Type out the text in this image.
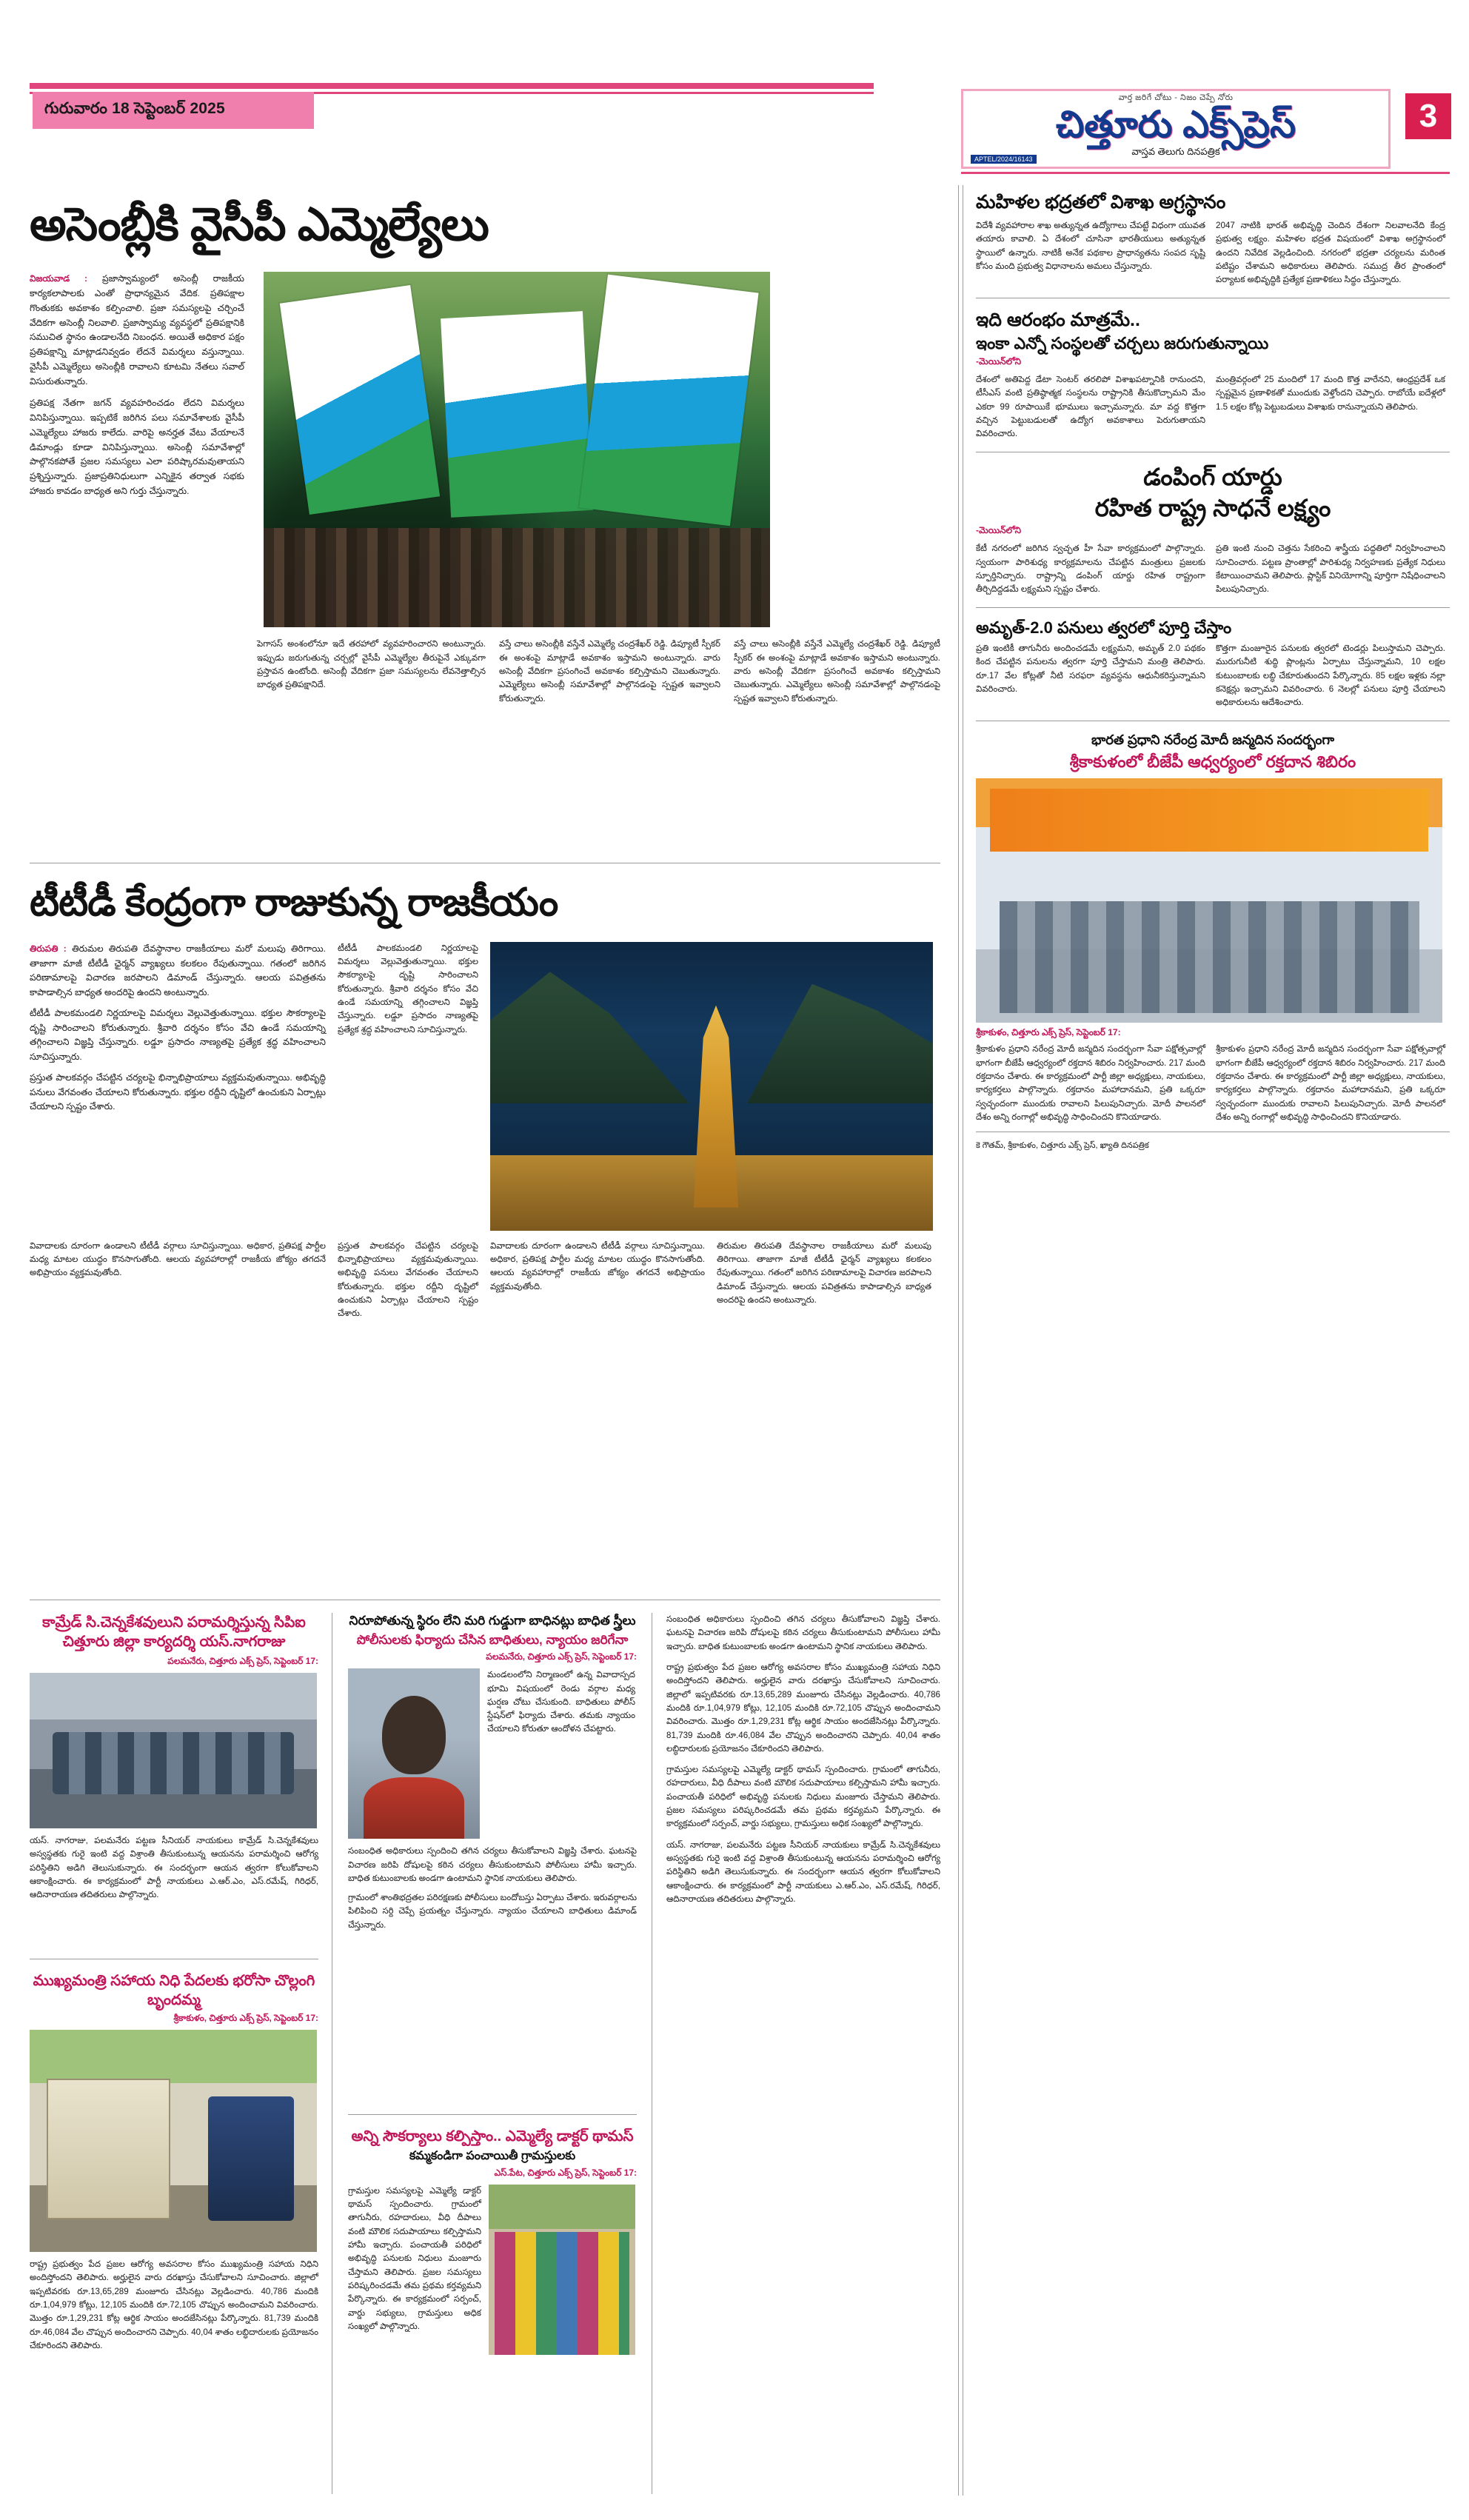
గురువారం 18 సెప్టెంబర్ 2025
వార్త జరిగే చోటు - నిజం చెప్పే నోరు
చిత్తూరు ఎక్స్‌ప్రెస్
వాస్తవ తెలుగు దినపత్రిక
APTEL/2024/16143
3
అసెంబ్లీకి వైసీపీ ఎమ్మెల్యేలు

విజయవాడ : ప్రజాస్వామ్యంలో అసెంబ్లీ రాజకీయ కార్యకలాపాలకు ఎంతో ప్రాధాన్యమైన వేదిక. ప్రతిపక్షాల గొంతుకకు అవకాశం కల్పించాలి. ప్రజా సమస్యలపై చర్చించే వేదికగా అసెంబ్లీ నిలవాలి. ప్రజాస్వామ్య వ్యవస్థలో ప్రతిపక్షానికి సముచిత స్థానం ఉండాలనేది నిబంధన. అయితే అధికార పక్షం ప్రతిపక్షాన్ని మాట్లాడనివ్వడం లేదనే విమర్శలు వస్తున్నాయి. వైసీపీ ఎమ్మెల్యేలు అసెంబ్లీకి రావాలని కూటమి నేతలు సవాల్ విసురుతున్నారు.

ప్రతిపక్ష నేతగా జగన్ వ్యవహరించడం లేదని విమర్శలు వినిపిస్తున్నాయి. ఇప్పటికే జరిగిన పలు సమావేశాలకు వైసీపీ ఎమ్మెల్యేలు హాజరు కాలేదు. వారిపై అనర్హత వేటు వేయాలనే డిమాండ్లు కూడా వినిపిస్తున్నాయి. అసెంబ్లీ సమావేశాల్లో పాల్గొనకపోతే ప్రజల సమస్యలు ఎలా పరిష్కారమవుతాయని ప్రశ్నిస్తున్నారు. ప్రజాప్రతినిధులుగా ఎన్నికైన తర్వాత సభకు హాజరు కావడం బాధ్యత అని గుర్తు చేస్తున్నారు.

పెగాసస్ అంశంలోనూ ఇదే తరహాలో వ్యవహరించారని అంటున్నారు. ఇప్పుడు జరుగుతున్న చర్చల్లో వైసీపీ ఎమ్మెల్యేల తీరుపైనే ఎక్కువగా ప్రస్తావన ఉంటోంది. అసెంబ్లీ వేదికగా ప్రజా సమస్యలను లేవనెత్తాల్సిన బాధ్యత ప్రతిపక్షానిదే.

వస్తే చాలు అసెంబ్లీకి వస్తేనే ఎమ్మెల్యే చంద్రశేఖర్ రెడ్డి. డిప్యూటీ స్పీకర్ ఈ అంశంపై మాట్లాడే అవకాశం ఇస్తామని అంటున్నారు. వారు అసెంబ్లీ వేదికగా ప్రసంగించే అవకాశం కల్పిస్తామని చెబుతున్నారు. ఎమ్మెల్యేలు అసెంబ్లీ సమావేశాల్లో పాల్గొనడంపై స్పష్టత ఇవ్వాలని కోరుతున్నారు.

వస్తే చాలు అసెంబ్లీకి వస్తేనే ఎమ్మెల్యే చంద్రశేఖర్ రెడ్డి. డిప్యూటీ స్పీకర్ ఈ అంశంపై మాట్లాడే అవకాశం ఇస్తామని అంటున్నారు. వారు అసెంబ్లీ వేదికగా ప్రసంగించే అవకాశం కల్పిస్తామని చెబుతున్నారు. ఎమ్మెల్యేలు అసెంబ్లీ సమావేశాల్లో పాల్గొనడంపై స్పష్టత ఇవ్వాలని కోరుతున్నారు.

టీటీడీ కేంద్రంగా రాజుకున్న రాజకీయం

తిరుపతి : తిరుమల తిరుపతి దేవస్థానాల రాజకీయాలు మరో మలుపు తిరిగాయి. తాజాగా మాజీ టీటీడీ ఛైర్మన్ వ్యాఖ్యలు కలకలం రేపుతున్నాయి. గతంలో జరిగిన పరిణామాలపై విచారణ జరపాలని డిమాండ్ చేస్తున్నారు. ఆలయ పవిత్రతను కాపాడాల్సిన బాధ్యత అందరిపై ఉందని అంటున్నారు.

టీటీడీ పాలకమండలి నిర్ణయాలపై విమర్శలు వెల్లువెత్తుతున్నాయి. భక్తుల సౌకర్యాలపై దృష్టి సారించాలని కోరుతున్నారు. శ్రీవారి దర్శనం కోసం వేచి ఉండే సమయాన్ని తగ్గించాలని విజ్ఞప్తి చేస్తున్నారు. లడ్డూ ప్రసాదం నాణ్యతపై ప్రత్యేక శ్రద్ధ వహించాలని సూచిస్తున్నారు.

ప్రస్తుత పాలకవర్గం చేపట్టిన చర్యలపై భిన్నాభిప్రాయాలు వ్యక్తమవుతున్నాయి. అభివృద్ధి పనులు వేగవంతం చేయాలని కోరుతున్నారు. భక్తుల రద్దీని దృష్టిలో ఉంచుకుని ఏర్పాట్లు చేయాలని స్పష్టం చేశారు.

టీటీడీ పాలకమండలి నిర్ణయాలపై విమర్శలు వెల్లువెత్తుతున్నాయి. భక్తుల సౌకర్యాలపై దృష్టి సారించాలని కోరుతున్నారు. శ్రీవారి దర్శనం కోసం వేచి ఉండే సమయాన్ని తగ్గించాలని విజ్ఞప్తి చేస్తున్నారు. లడ్డూ ప్రసాదం నాణ్యతపై ప్రత్యేక శ్రద్ధ వహించాలని సూచిస్తున్నారు.

వివాదాలకు దూరంగా ఉండాలని టీటీడీ వర్గాలు సూచిస్తున్నాయి. అధికార, ప్రతిపక్ష పార్టీల మధ్య మాటల యుద్ధం కొనసాగుతోంది. ఆలయ వ్యవహారాల్లో రాజకీయ జోక్యం తగదనే అభిప్రాయం వ్యక్తమవుతోంది.

ప్రస్తుత పాలకవర్గం చేపట్టిన చర్యలపై భిన్నాభిప్రాయాలు వ్యక్తమవుతున్నాయి. అభివృద్ధి పనులు వేగవంతం చేయాలని కోరుతున్నారు. భక్తుల రద్దీని దృష్టిలో ఉంచుకుని ఏర్పాట్లు చేయాలని స్పష్టం చేశారు.

వివాదాలకు దూరంగా ఉండాలని టీటీడీ వర్గాలు సూచిస్తున్నాయి. అధికార, ప్రతిపక్ష పార్టీల మధ్య మాటల యుద్ధం కొనసాగుతోంది. ఆలయ వ్యవహారాల్లో రాజకీయ జోక్యం తగదనే అభిప్రాయం వ్యక్తమవుతోంది.

తిరుమల తిరుపతి దేవస్థానాల రాజకీయాలు మరో మలుపు తిరిగాయి. తాజాగా మాజీ టీటీడీ ఛైర్మన్ వ్యాఖ్యలు కలకలం రేపుతున్నాయి. గతంలో జరిగిన పరిణామాలపై విచారణ జరపాలని డిమాండ్ చేస్తున్నారు. ఆలయ పవిత్రతను కాపాడాల్సిన బాధ్యత అందరిపై ఉందని అంటున్నారు.

కామ్రేడ్ సి.చెన్నకేశవులుని పరామర్శిస్తున్న సిపిఐ చిత్తూరు జిల్లా కార్యదర్శి యస్.నాగరాజు
పలమనేరు, చిత్తూరు ఎక్స్ ప్రెస్, సెప్టెంబర్ 17:

యస్. నాగరాజు, పలమనేరు పట్టణ సీనియర్ నాయకులు కామ్రేడ్ సి.చెన్నకేశవులు అస్వస్థతకు గురై ఇంటి వద్ద విశ్రాంతి తీసుకుంటున్న ఆయనను పరామర్శించి ఆరోగ్య పరిస్థితిని అడిగి తెలుసుకున్నారు. ఈ సందర్భంగా ఆయన త్వరగా కోలుకోవాలని ఆకాంక్షించారు. ఈ కార్యక్రమంలో పార్టీ నాయకులు ఎ.ఆర్.ఎం, ఎస్.రమేష్, గిరిధర్, ఆదినారాయణ తదితరులు పాల్గొన్నారు.

ముఖ్యమంత్రి సహాయ నిధి పేదలకు భరోసా చొల్లంగి బృందమ్మ
శ్రీకాకుళం, చిత్తూరు ఎక్స్ ప్రెస్, సెప్టెంబర్ 17:

రాష్ట్ర ప్రభుత్వం పేద ప్రజల ఆరోగ్య అవసరాల కోసం ముఖ్యమంత్రి సహాయ నిధిని అందిస్తోందని తెలిపారు. అర్హులైన వారు దరఖాస్తు చేసుకోవాలని సూచించారు. జిల్లాలో ఇప్పటివరకు రూ.13,65,289 మంజూరు చేసినట్లు వెల్లడించారు. 40,786 మందికి రూ.1,04,979 కోట్లు, 12,105 మందికి రూ.72,105 చొప్పున అందించామని వివరించారు. మొత్తం రూ.1,29,231 కోట్ల ఆర్థిక సాయం అందజేసినట్లు పేర్కొన్నారు. 81,739 మందికి రూ.46,084 వేల చొప్పున అందించారని చెప్పారు. 40,04 శాతం లబ్ధిదారులకు ప్రయోజనం చేకూరిందని తెలిపారు.

నిరూపోతున్న స్థిరం లేని మరి గుడ్డుగా బాధినట్లు బాధిత స్త్రీలు
పోలీసులకు ఫిర్యాదు చేసిన బాధితులు, న్యాయం జరిగేనా
పలమనేరు, చిత్తూరు ఎక్స్ ప్రెస్, సెప్టెంబర్ 17:

మండలంలోని నిర్మాణంలో ఉన్న వివాదాస్పద భూమి విషయంలో రెండు వర్గాల మధ్య ఘర్షణ చోటు చేసుకుంది. బాధితులు పోలీస్ స్టేషన్‌లో ఫిర్యాదు చేశారు. తమకు న్యాయం చేయాలని కోరుతూ ఆందోళన చేపట్టారు.

సంబంధిత అధికారులు స్పందించి తగిన చర్యలు తీసుకోవాలని విజ్ఞప్తి చేశారు. ఘటనపై విచారణ జరిపి దోషులపై కఠిన చర్యలు తీసుకుంటామని పోలీసులు హామీ ఇచ్చారు. బాధిత కుటుంబాలకు అండగా ఉంటామని స్థానిక నాయకులు తెలిపారు.

గ్రామంలో శాంతిభద్రతల పరిరక్షణకు పోలీసులు బందోబస్తు ఏర్పాటు చేశారు. ఇరువర్గాలను పిలిపించి సర్ది చెప్పే ప్రయత్నం చేస్తున్నారు. న్యాయం చేయాలని బాధితులు డిమాండ్ చేస్తున్నారు.

అన్ని సౌకర్యాలు కల్పిస్తాం.. ఎమ్మెల్యే డాక్టర్ థామస్
కమ్మకండిగా పంచాయితీ గ్రామస్తులకు
ఎస్.పేట, చిత్తూరు ఎక్స్ ప్రెస్, సెప్టెంబర్ 17:

గ్రామస్తుల సమస్యలపై ఎమ్మెల్యే డాక్టర్ థామస్ స్పందించారు. గ్రామంలో తాగునీరు, రహదారులు, వీధి దీపాలు వంటి మౌలిక సదుపాయాలు కల్పిస్తామని హామీ ఇచ్చారు. పంచాయతీ పరిధిలో అభివృద్ధి పనులకు నిధులు మంజూరు చేస్తామని తెలిపారు. ప్రజల సమస్యలు పరిష్కరించడమే తమ ప్రథమ కర్తవ్యమని పేర్కొన్నారు. ఈ కార్యక్రమంలో సర్పంచ్, వార్డు సభ్యులు, గ్రామస్తులు అధిక సంఖ్యలో పాల్గొన్నారు.

సంబంధిత అధికారులు స్పందించి తగిన చర్యలు తీసుకోవాలని విజ్ఞప్తి చేశారు. ఘటనపై విచారణ జరిపి దోషులపై కఠిన చర్యలు తీసుకుంటామని పోలీసులు హామీ ఇచ్చారు. బాధిత కుటుంబాలకు అండగా ఉంటామని స్థానిక నాయకులు తెలిపారు.

రాష్ట్ర ప్రభుత్వం పేద ప్రజల ఆరోగ్య అవసరాల కోసం ముఖ్యమంత్రి సహాయ నిధిని అందిస్తోందని తెలిపారు. అర్హులైన వారు దరఖాస్తు చేసుకోవాలని సూచించారు. జిల్లాలో ఇప్పటివరకు రూ.13,65,289 మంజూరు చేసినట్లు వెల్లడించారు. 40,786 మందికి రూ.1,04,979 కోట్లు, 12,105 మందికి రూ.72,105 చొప్పున అందించామని వివరించారు. మొత్తం రూ.1,29,231 కోట్ల ఆర్థిక సాయం అందజేసినట్లు పేర్కొన్నారు. 81,739 మందికి రూ.46,084 వేల చొప్పున అందించారని చెప్పారు. 40,04 శాతం లబ్ధిదారులకు ప్రయోజనం చేకూరిందని తెలిపారు.

గ్రామస్తుల సమస్యలపై ఎమ్మెల్యే డాక్టర్ థామస్ స్పందించారు. గ్రామంలో తాగునీరు, రహదారులు, వీధి దీపాలు వంటి మౌలిక సదుపాయాలు కల్పిస్తామని హామీ ఇచ్చారు. పంచాయతీ పరిధిలో అభివృద్ధి పనులకు నిధులు మంజూరు చేస్తామని తెలిపారు. ప్రజల సమస్యలు పరిష్కరించడమే తమ ప్రథమ కర్తవ్యమని పేర్కొన్నారు. ఈ కార్యక్రమంలో సర్పంచ్, వార్డు సభ్యులు, గ్రామస్తులు అధిక సంఖ్యలో పాల్గొన్నారు.

యస్. నాగరాజు, పలమనేరు పట్టణ సీనియర్ నాయకులు కామ్రేడ్ సి.చెన్నకేశవులు అస్వస్థతకు గురై ఇంటి వద్ద విశ్రాంతి తీసుకుంటున్న ఆయనను పరామర్శించి ఆరోగ్య పరిస్థితిని అడిగి తెలుసుకున్నారు. ఈ సందర్భంగా ఆయన త్వరగా కోలుకోవాలని ఆకాంక్షించారు. ఈ కార్యక్రమంలో పార్టీ నాయకులు ఎ.ఆర్.ఎం, ఎస్.రమేష్, గిరిధర్, ఆదినారాయణ తదితరులు పాల్గొన్నారు.

మహిళల భద్రతలో విశాఖ అగ్రస్థానం

విదేశీ వ్యవహారాల శాఖ అత్యున్నత ఉద్యోగాలు చేపట్టే విధంగా యువత తయారు కావాలి. ఏ దేశంలో చూసినా భారతీయులు అత్యున్నత స్థాయిలో ఉన్నారు. నాటికీ అనేక పథకాల ప్రాధాన్యతను సంపద సృష్టి కోసం మంది ప్రభుత్వ విధానాలను అమలు చేస్తున్నారు.

2047 నాటికి భారత్ అభివృద్ధి చెందిన దేశంగా నిలవాలనేది కేంద్ర ప్రభుత్వ లక్ష్యం. మహిళల భద్రత విషయంలో విశాఖ అగ్రస్థానంలో ఉందని నివేదిక వెల్లడించింది. నగరంలో భద్రతా చర్యలను మరింత పటిష్టం చేశామని అధికారులు తెలిపారు. సముద్ర తీర ప్రాంతంలో పర్యాటక అభివృద్ధికి ప్రత్యేక ప్రణాళికలు సిద్ధం చేస్తున్నారు.

ఇది ఆరంభం మాత్రమే..
ఇంకా ఎన్నో సంస్థలతో చర్చలు జరుగుతున్నాయి
-మెయిన్‌లోని

దేశంలో అతిపెద్ద డేటా సెంటర్ తరలిపో విశాఖపట్నానికి రానుందని, టీసీఎస్ వంటి ప్రతిష్ఠాత్మక సంస్థలను రాష్ట్రానికి తీసుకొచ్చామని మేం ఎకరా 99 రూపాయికే భూములు ఇచ్చామన్నారు. మా వద్ద కొత్తగా వచ్చిన పెట్టుబడులతో ఉద్యోగ అవకాశాలు పెరుగుతాయని వివరించారు.

మంత్రివర్గంలో 25 మందిలో 17 మంది కొత్త వారేనని, ఆంధ్రప్రదేశ్ ఒక స్పష్టమైన ప్రణాళికతో ముందుకు వెళ్తోందని చెప్పారు. రాబోయే ఐదేళ్లలో 1.5 లక్షల కోట్ల పెట్టుబడులు విశాఖకు రానున్నాయని తెలిపారు.

డంపింగ్ యార్డు
రహిత రాష్ట్ర సాధనే లక్ష్యం
-మెయిన్‌లోని

కేటీ నగరంలో జరిగిన స్వచ్ఛత హీ సేవా కార్యక్రమంలో పాల్గొన్నారు. స్వయంగా పారిశుధ్య కార్యక్రమాలను చేపట్టిన మంత్రులు ప్రజలకు స్ఫూర్తినిచ్చారు. రాష్ట్రాన్ని డంపింగ్ యార్డు రహిత రాష్ట్రంగా తీర్చిదిద్దడమే లక్ష్యమని స్పష్టం చేశారు.

ప్రతి ఇంటి నుంచి చెత్తను సేకరించి శాస్త్రీయ పద్ధతిలో నిర్వహించాలని సూచించారు. పట్టణ ప్రాంతాల్లో పారిశుధ్య నిర్వహణకు ప్రత్యేక నిధులు కేటాయించామని తెలిపారు. ప్లాస్టిక్ వినియోగాన్ని పూర్తిగా నిషేధించాలని పిలుపునిచ్చారు.

అమృత్-2.0 పనులు త్వరలో పూర్తి చేస్తాం

ప్రతి ఇంటికీ తాగునీరు అందించడమే లక్ష్యమని, అమృత్ 2.0 పథకం కింద చేపట్టిన పనులను త్వరగా పూర్తి చేస్తామని మంత్రి తెలిపారు. రూ.17 వేల కోట్లతో నీటి సరఫరా వ్యవస్థను ఆధునీకరిస్తున్నామని వివరించారు.

కొత్తగా మంజూరైన పనులకు త్వరలో టెండర్లు పిలుస్తామని చెప్పారు. మురుగునీటి శుద్ధి ప్లాంట్లను ఏర్పాటు చేస్తున్నామని, 10 లక్షల కుటుంబాలకు లబ్ధి చేకూరుతుందని పేర్కొన్నారు. 85 లక్షల ఇళ్లకు నల్లా కనెక్షన్లు ఇచ్చామని వివరించారు. 6 నెలల్లో పనులు పూర్తి చేయాలని అధికారులను ఆదేశించారు.

భారత ప్రధాని నరేంద్ర మోదీ జన్మదిన సందర్భంగా
శ్రీకాకుళంలో బీజేపీ ఆధ్వర్యంలో రక్తదాన శిబిరం
శ్రీకాకుళం, చిత్తూరు ఎక్స్ ప్రెస్, సెప్టెంబర్ 17:

శ్రీకాకుళం ప్రధాని నరేంద్ర మోదీ జన్మదిన సందర్భంగా సేవా పక్షోత్సవాల్లో భాగంగా బీజేపీ ఆధ్వర్యంలో రక్తదాన శిబిరం నిర్వహించారు. 217 మంది రక్తదానం చేశారు. ఈ కార్యక్రమంలో పార్టీ జిల్లా అధ్యక్షులు, నాయకులు, కార్యకర్తలు పాల్గొన్నారు. రక్తదానం మహాదానమని, ప్రతి ఒక్కరూ స్వచ్ఛందంగా ముందుకు రావాలని పిలుపునిచ్చారు. మోదీ పాలనలో దేశం అన్ని రంగాల్లో అభివృద్ధి సాధించిందని కొనియాడారు.

శ్రీకాకుళం ప్రధాని నరేంద్ర మోదీ జన్మదిన సందర్భంగా సేవా పక్షోత్సవాల్లో భాగంగా బీజేపీ ఆధ్వర్యంలో రక్తదాన శిబిరం నిర్వహించారు. 217 మంది రక్తదానం చేశారు. ఈ కార్యక్రమంలో పార్టీ జిల్లా అధ్యక్షులు, నాయకులు, కార్యకర్తలు పాల్గొన్నారు. రక్తదానం మహాదానమని, ప్రతి ఒక్కరూ స్వచ్ఛందంగా ముందుకు రావాలని పిలుపునిచ్చారు. మోదీ పాలనలో దేశం అన్ని రంగాల్లో అభివృద్ధి సాధించిందని కొనియాడారు.

కె గౌతమ్, శ్రీకాకుళం, చిత్తూరు ఎక్స్ ప్రెస్, ఖ్యాతి దినపత్రిక
